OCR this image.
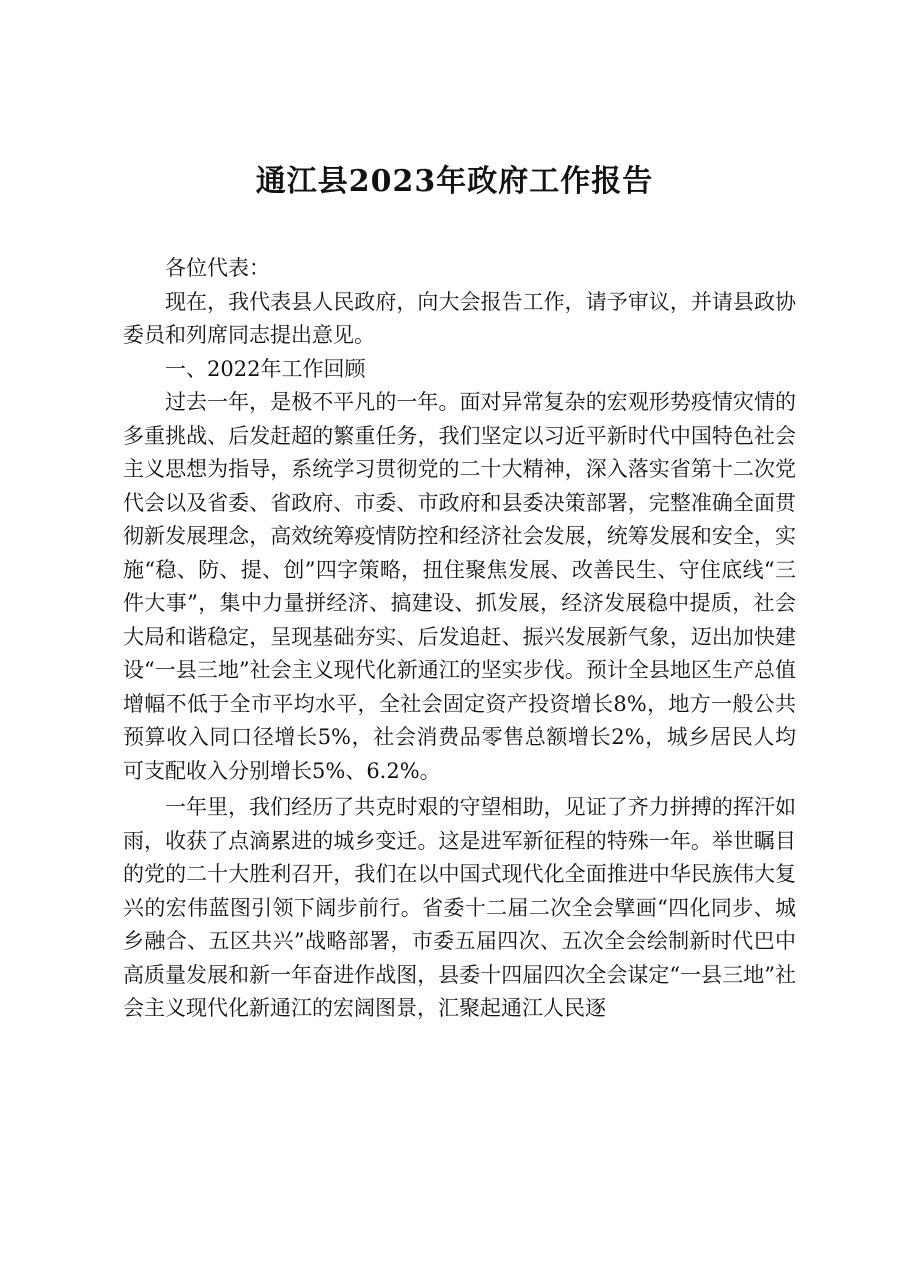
通江县2023年政府工作报告

各位代表：

现在，我代表县人民政府，向大会报告工作，请予审议，并请县政协委员和列席同志提出意见。

一、2022年工作回顾

过去一年，是极不平凡的一年。面对异常复杂的宏观形势疫情灾情的多重挑战、后发赶超的繁重任务，我们坚定以习近平新时代中国特色社会主义思想为指导，系统学习贯彻党的二十大精神，深入落实省第十二次党代会以及省委、省政府、市委、市政府和县委决策部署，完整准确全面贯彻新发展理念，高效统筹疫情防控和经济社会发展，统筹发展和安全，实施“稳、防、提、创”四字策略，扭住聚焦发展、改善民生、守住底线“三件大事”，集中力量拼经济、搞建设、抓发展，经济发展稳中提质，社会大局和谐稳定，呈现基础夯实、后发追赶、振兴发展新气象，迈出加快建设“一县三地”社会主义现代化新通江的坚实步伐。预计全县地区生产总值增幅不低于全市平均水平，全社会固定资产投资增长8%，地方一般公共预算收入同口径增长5%，社会消费品零售总额增长2%，城乡居民人均可支配收入分别增长5%、6.2%。

一年里，我们经历了共克时艰的守望相助，见证了齐力拼搏的挥汗如雨，收获了点滴累进的城乡变迁。这是进军新征程的特殊一年。举世瞩目的党的二十大胜利召开，我们在以中国式现代化全面推进中华民族伟大复兴的宏伟蓝图引领下阔步前行。省委十二届二次全会擘画“四化同步、城乡融合、五区共兴”战略部署，市委五届四次、五次全会绘制新时代巴中高质量发展和新一年奋进作战图，县委十四届四次全会谋定“一县三地”社会主义现代化新通江的宏阔图景，汇聚起通江人民逐
